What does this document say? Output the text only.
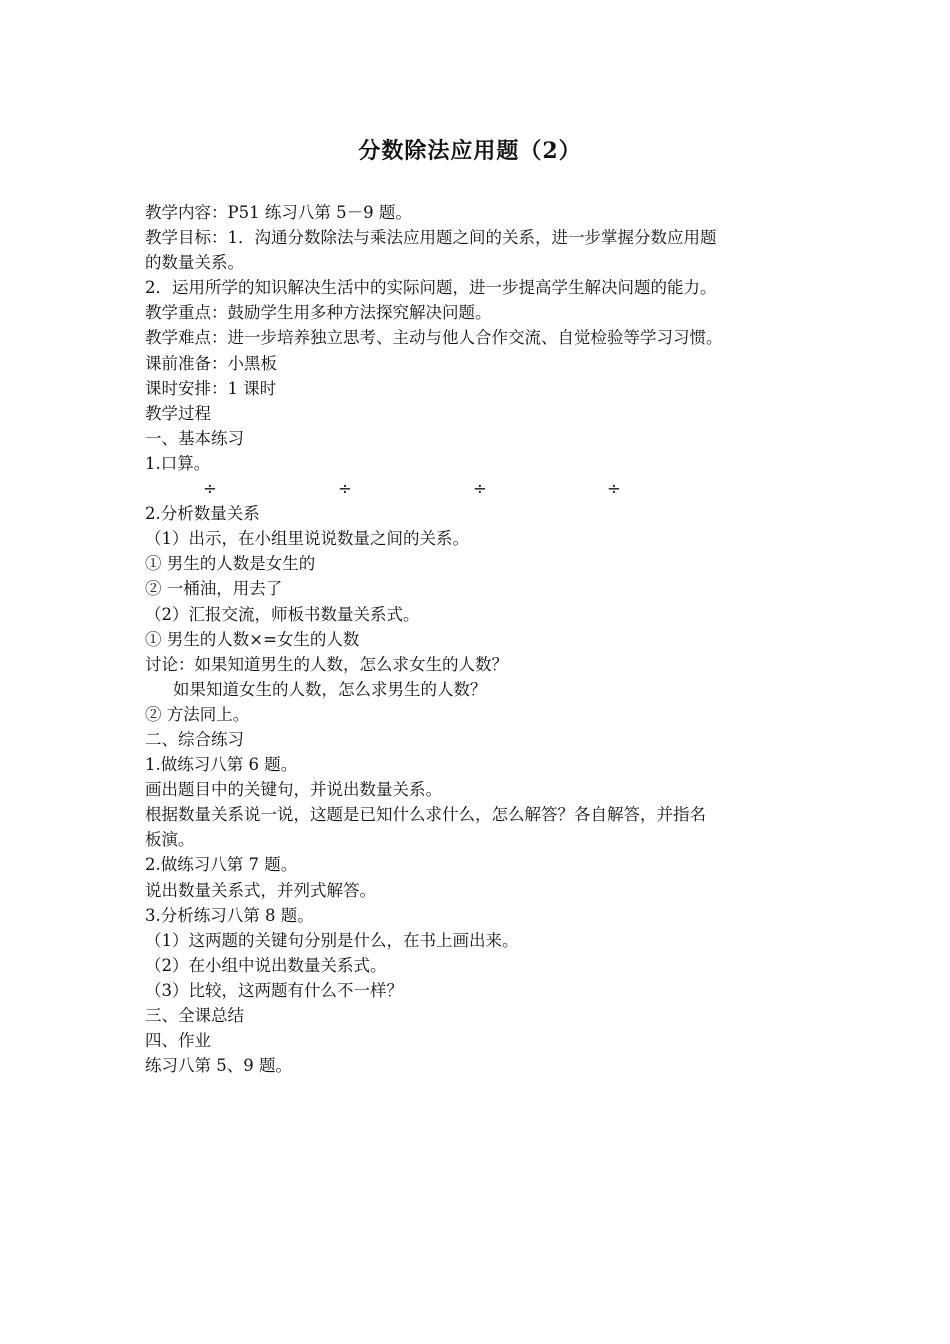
分数除法应用题（2）
教学内容：P51 练习八第 5－9 题。
教学目标：1．沟通分数除法与乘法应用题之间的关系，进一步掌握分数应用题
的数量关系。
2．运用所学的知识解决生活中的实际问题，进一步提高学生解决问题的能力。
教学重点：鼓励学生用多种方法探究解决问题。
教学难点：进一步培养独立思考、主动与他人合作交流、自觉检验等学习习惯。
课前准备：小黑板
课时安排：1 课时
教学过程
一、基本练习
1.口算。
÷	÷	÷	÷
2.分析数量关系
（1）出示，在小组里说说数量之间的关系。
① 男生的人数是女生的
② 一桶油，用去了
（2）汇报交流，师板书数量关系式。
① 男生的人数×=女生的人数
讨论：如果知道男生的人数，怎么求女生的人数？
如果知道女生的人数，怎么求男生的人数？
② 方法同上。
二、综合练习
1.做练习八第 6 题。
画出题目中的关键句，并说出数量关系。
根据数量关系说一说，这题是已知什么求什么，怎么解答？各自解答，并指名
板演。
2.做练习八第 7 题。
说出数量关系式，并列式解答。
3.分析练习八第 8 题。
（1）这两题的关键句分别是什么，在书上画出来。
（2）在小组中说出数量关系式。
（3）比较，这两题有什么不一样？
三、全课总结
四、作业
练习八第 5、9 题。
